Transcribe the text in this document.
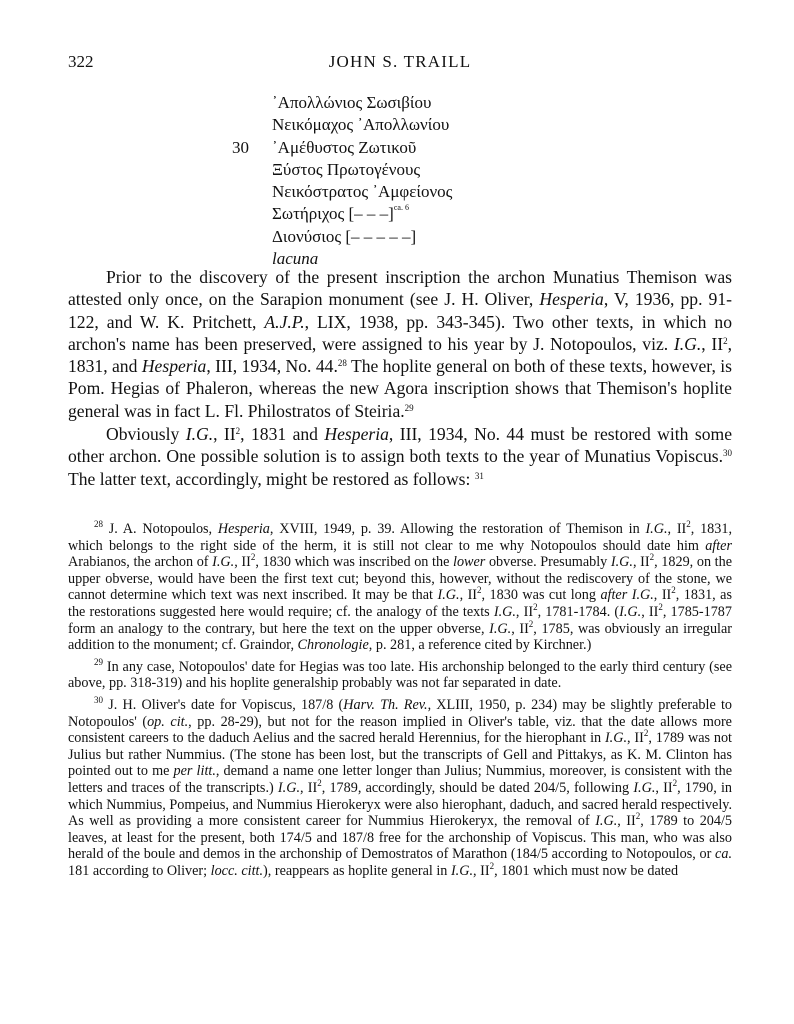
322	JOHN S. TRAILL
᾿Απολλώνιος Σωσιβίου
Νεικόμαχος ᾿Απολλωνίου
30 ᾿Αμέθυστος Ζωτικοῦ
Ξύστος Πρωτογένους
Νεικόστρατος ᾿Αμφείονος
Σωτήριχος [– – –]$^{ca. 6}$
Διονύσιος [– – – – –]
lacuna

Prior to the discovery of the present inscription the archon Munatius Themison was attested only once, on the Sarapion monument (see J. H. Oliver, Hesperia, V, 1936, pp. 91-122, and W. K. Pritchett, A.J.P., LIX, 1938, pp. 343-345). Two other texts, in which no archon's name has been preserved, were assigned to his year by J. Notopoulos, viz. I.G., $II^2$, 1831, and Hesperia, III, 1934, No. 44.28 The hoplite general on both of these texts, however, is Pom. Hegias of Phaleron, whereas the new Agora inscription shows that Themison's hoplite general was in fact L. Fl. Philostratos of Steiria.$^{29}$

Obviously I.G., $II^2$, 1831 and Hesperia, III, 1934, No. 44 must be restored with some other archon. One possible solution is to assign both texts to the year of Munatius Vopiscus.$^{30}$ The latter text, accordingly, might be restored as follows: $^{31}$

$^{28}$ J. A. Notopoulos, Hesperia, XVIII, 1949, p. 39. Allowing the restoration of Themison in I.G., $II^2$, 1831, which belongs to the right side of the herm, it is still not clear to me why Notopoulos should date him after Arabianos, the archon of I.G., $II^2$, 1830 which was inscribed on the lower obverse. Presumably I.G., $II^2$, 1829, on the upper obverse, would have been the first text cut; beyond this, however, without the rediscovery of the stone, we cannot determine which text was next inscribed. It may be that I.G., $II^2$, 1830 was cut long after I.G., $II^2$, 1831, as the restorations suggested here would require; cf. the analogy of the texts I.G., $II^2$, 1781-1784. (I.G., $II^2$, 1785-1787 form an analogy to the contrary, but here the text on the upper obverse, I.G., $II^2$, 1785, was obviously an irregular addition to the monument; cf. Graindor, Chronologie, p. 281, a reference cited by Kirchner.)

$^{29}$ In any case, Notopoulos' date for Hegias was too late. His archonship belonged to the early third century (see above, pp. 318-319) and his hoplite generalship probably was not far separated in date.

$^{30}$ J. H. Oliver's date for Vopiscus, 187/8 (Harv. Th. Rev., XLIII, 1950, p. 234) may be slightly preferable to Notopoulos' (op. cit., pp. 28-29), but not for the reason implied in Oliver's table, viz. that the date allows more consistent careers to the daduch Aelius and the sacred herald Herennius, for the hierophant in I.G., $II^2$, 1789 was not Julius but rather Nummius. (The stone has been lost, but the transcripts of Gell and Pittakys, as K. M. Clinton has pointed out to me per litt., demand a name one letter longer than Julius; Nummius, moreover, is consistent with the letters and traces of the transcripts.) I.G., $II^2$, 1789, accordingly, should be dated 204/5, following I.G., $II^2$, 1790, in which Nummius, Pompeius, and Nummius Hierokeryx were also hierophant, daduch, and sacred herald respectively. As well as providing a more consistent career for Nummius Hierokeryx, the removal of I.G., $II^2$, 1789 to 204/5 leaves, at least for the present, both 174/5 and 187/8 free for the archonship of Vopiscus. This man, who was also herald of the boule and demos in the archonship of Demostratos of Marathon (184/5 according to Notopoulos, or ca. 181 according to Oliver; locc. citt.), reappears as hoplite general in I.G., $II^2$, 1801 which must now be dated
